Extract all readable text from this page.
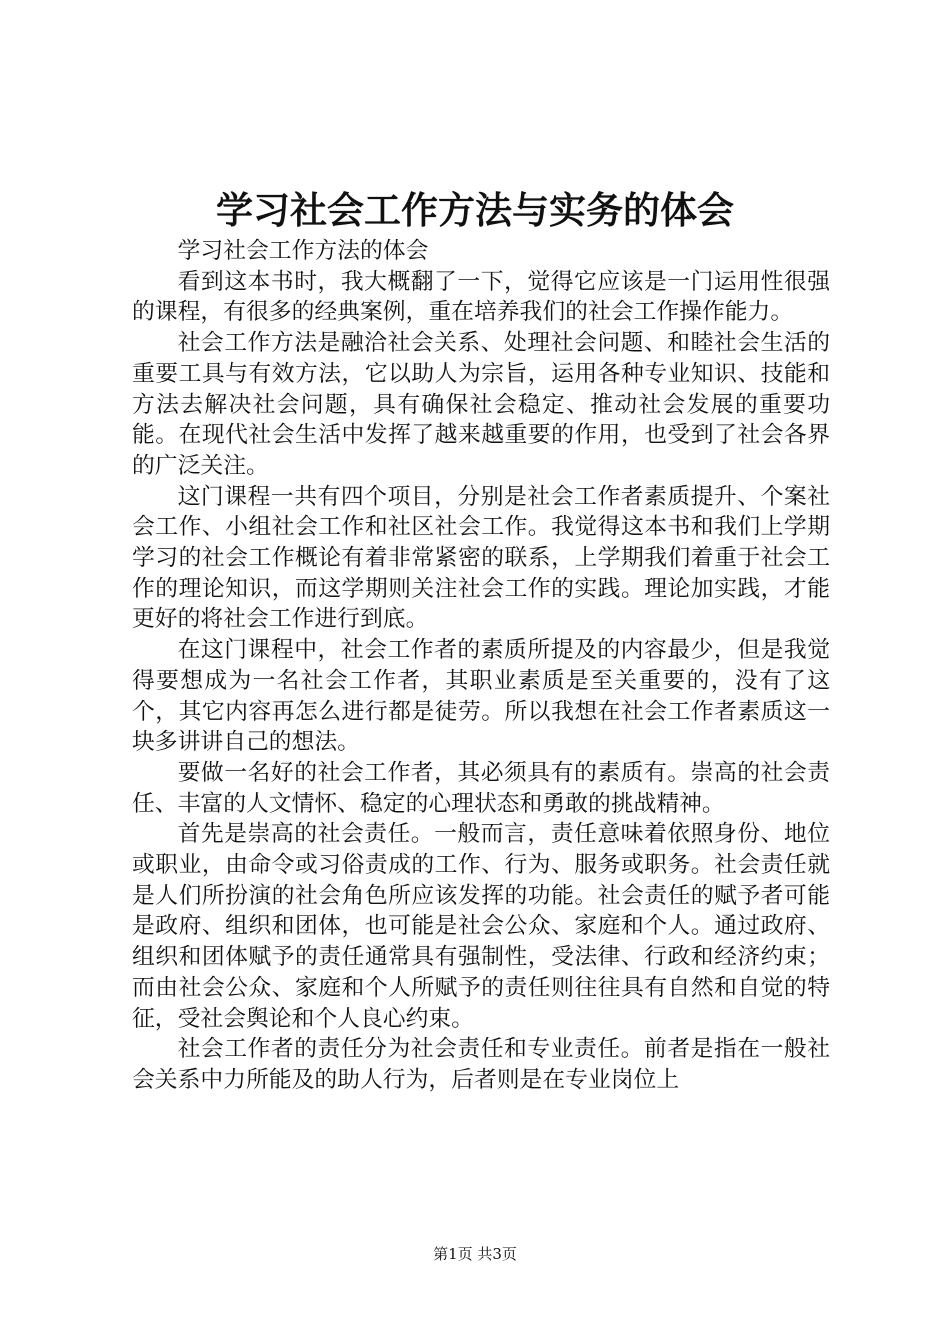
学习社会工作方法与实务的体会

学习社会工作方法的体会

看到这本书时，我大概翻了一下，觉得它应该是一门运用性很强的课程，有很多的经典案例，重在培养我们的社会工作操作能力。

社会工作方法是融洽社会关系、处理社会问题、和睦社会生活的重要工具与有效方法，它以助人为宗旨，运用各种专业知识、技能和方法去解决社会问题，具有确保社会稳定、推动社会发展的重要功能。在现代社会生活中发挥了越来越重要的作用，也受到了社会各界的广泛关注。

这门课程一共有四个项目，分别是社会工作者素质提升、个案社会工作、小组社会工作和社区社会工作。我觉得这本书和我们上学期学习的社会工作概论有着非常紧密的联系，上学期我们着重于社会工作的理论知识，而这学期则关注社会工作的实践。理论加实践，才能更好的将社会工作进行到底。

在这门课程中，社会工作者的素质所提及的内容最少，但是我觉得要想成为一名社会工作者，其职业素质是至关重要的，没有了这个，其它内容再怎么进行都是徒劳。所以我想在社会工作者素质这一块多讲讲自己的想法。

要做一名好的社会工作者，其必须具有的素质有。崇高的社会责任、丰富的人文情怀、稳定的心理状态和勇敢的挑战精神。

首先是崇高的社会责任。一般而言，责任意味着依照身份、地位或职业，由命令或习俗责成的工作、行为、服务或职务。社会责任就是人们所扮演的社会角色所应该发挥的功能。社会责任的赋予者可能是政府、组织和团体，也可能是社会公众、家庭和个人。通过政府、组织和团体赋予的责任通常具有强制性，受法律、行政和经济约束；而由社会公众、家庭和个人所赋予的责任则往往具有自然和自觉的特征，受社会舆论和个人良心约束。

社会工作者的责任分为社会责任和专业责任。前者是指在一般社会关系中力所能及的助人行为，后者则是在专业岗位上

第1页 共3页
